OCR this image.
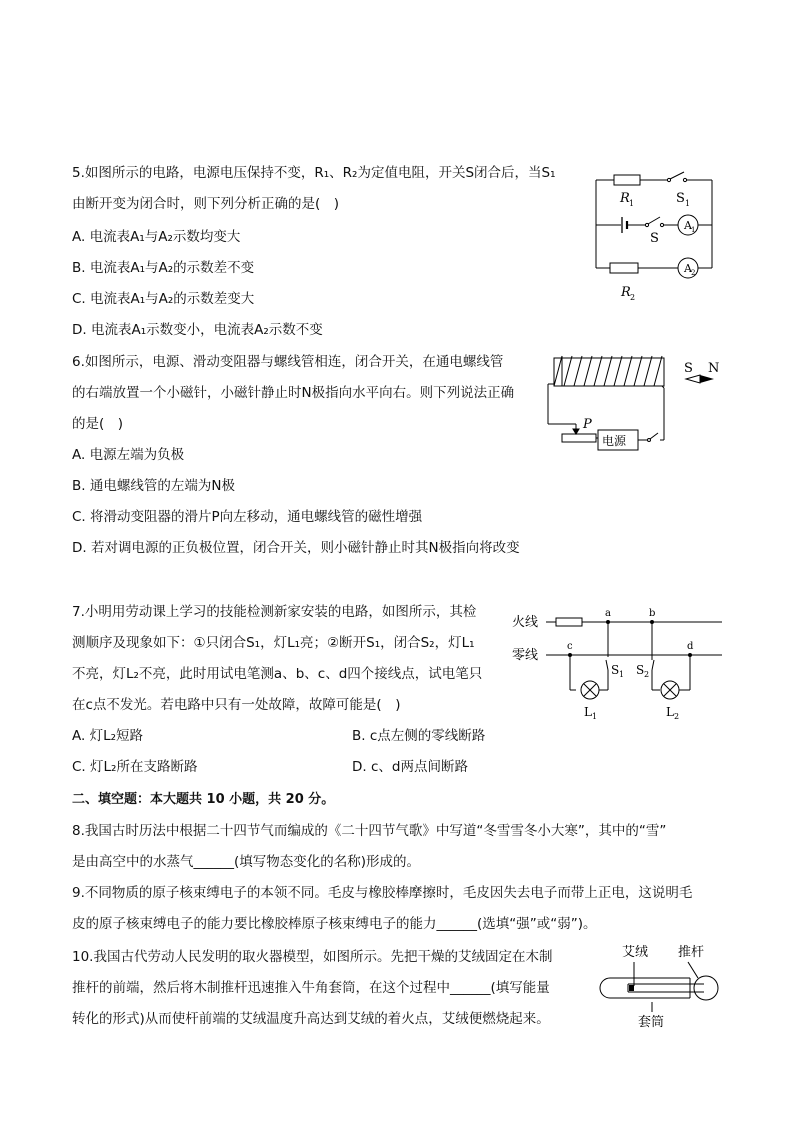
5.如图所示的电路，电源电压保持不变，R₁、R₂为定值电阻，开关S闭合后，当S₁
由断开变为闭合时，则下列分析正确的是(　)
A. 电流表A₁与A₂示数均变大
B. 电流表A₁与A₂的示数差不变
C. 电流表A₁与A₂的示数差变大
D. 电流表A₁示数变小，电流表A₂示数不变
R 1	S 1
S
A 1
A 2
R 2
6.如图所示，电源、滑动变阻器与螺线管相连，闭合开关，在通电螺线管
的右端放置一个小磁针，小磁针静止时N极指向水平向右。则下列说法正确
的是(　)
A. 电源左端为负极
B. 通电螺线管的左端为N极
C. 将滑动变阻器的滑片P向左移动，通电螺线管的磁性增强
D. 若对调电源的正负极位置，闭合开关，则小磁针静止时其N极指向将改变
S N
P
电源
7.小明用劳动课上学习的技能检测新家安装的电路，如图所示，其检
测顺序及现象如下：①只闭合S₁，灯L₁亮；②断开S₁，闭合S₂，灯L₁
不亮，灯L₂不亮，此时用试电笔测a、b、c、d四个接线点，试电笔只
在c点不发光。若电路中只有一处故障，故障可能是(　)
A. 灯L₂短路	B. c点左侧的零线断路
C. 灯L₂所在支路断路	D. c、d两点间断路
火线
零线
a	b
c	d
S 1 S 2
L 1	L 2
二、填空题：本大题共 10 小题，共 20 分。
8.我国古时历法中根据二十四节气而编成的《二十四节气歌》中写道“冬雪雪冬小大寒”，其中的“雪”
是由高空中的水蒸气______(填写物态变化的名称)形成的。
9.不同物质的原子核束缚电子的本领不同。毛皮与橡胶棒摩擦时，毛皮因失去电子而带上正电，这说明毛
皮的原子核束缚电子的能力要比橡胶棒原子核束缚电子的能力______(选填“强”或“弱”)。
10.我国古代劳动人民发明的取火器模型，如图所示。先把干燥的艾绒固定在木制
推杆的前端，然后将木制推杆迅速推入牛角套筒，在这个过程中______(填写能量
转化的形式)从而使杆前端的艾绒温度升高达到艾绒的着火点，艾绒便燃烧起来。
艾绒 推杆
套筒
